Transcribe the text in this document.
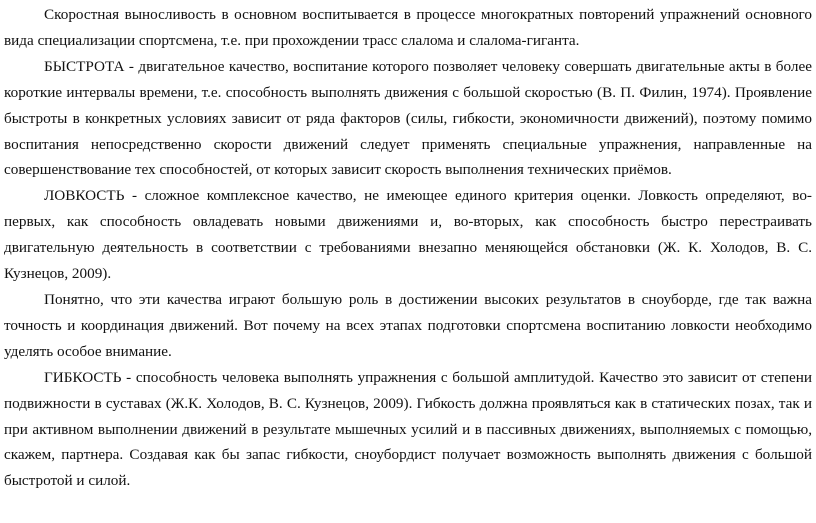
Скоростная выносливость в основном воспитывается в процессе многократных повторений упражнений основного вида специализации спортсмена, т.е. при прохождении трасс слалома и слалома-гиганта.

БЫСТРОТА - двигательное качество, воспитание которого позволяет человеку совершать двигательные акты в более короткие интервалы времени, т.е. способность выполнять движения с большой скоростью (В. П. Филин, 1974). Проявление быстроты в конкретных условиях зависит от ряда факторов (силы, гибкости, экономичности движений), поэтому помимо воспитания непосредственно скорости движений следует применять специальные упражнения, направленные на совершенствование тех способностей, от которых зависит скорость выполнения технических приёмов.

ЛОВКОСТЬ - сложное комплексное качество, не имеющее единого критерия оценки. Ловкость определяют, во-первых, как способность овладевать новыми движениями и, во-вторых, как способность быстро перестраивать двигательную деятельность в соответствии с требованиями внезапно меняющейся обстановки (Ж. К. Холодов, В. С. Кузнецов, 2009).

Понятно, что эти качества играют большую роль в достижении высоких результатов в сноуборде, где так важна точность и координация движений. Вот почему на всех этапах подготовки спортсмена воспитанию ловкости необходимо уделять особое внимание.

ГИБКОСТЬ - способность человека выполнять упражнения с большой амплитудой. Качество это зависит от степени подвижности в суставах (Ж.К. Холодов, В. С. Кузнецов, 2009). Гибкость должна проявляться как в статических позах, так и при активном выполнении движений в результате мышечных усилий и в пассивных движениях, выполняемых с помощью, скажем, партнера. Создавая как бы запас гибкости, сноубордист получает возможность выполнять движения с большой быстротой и силой.
